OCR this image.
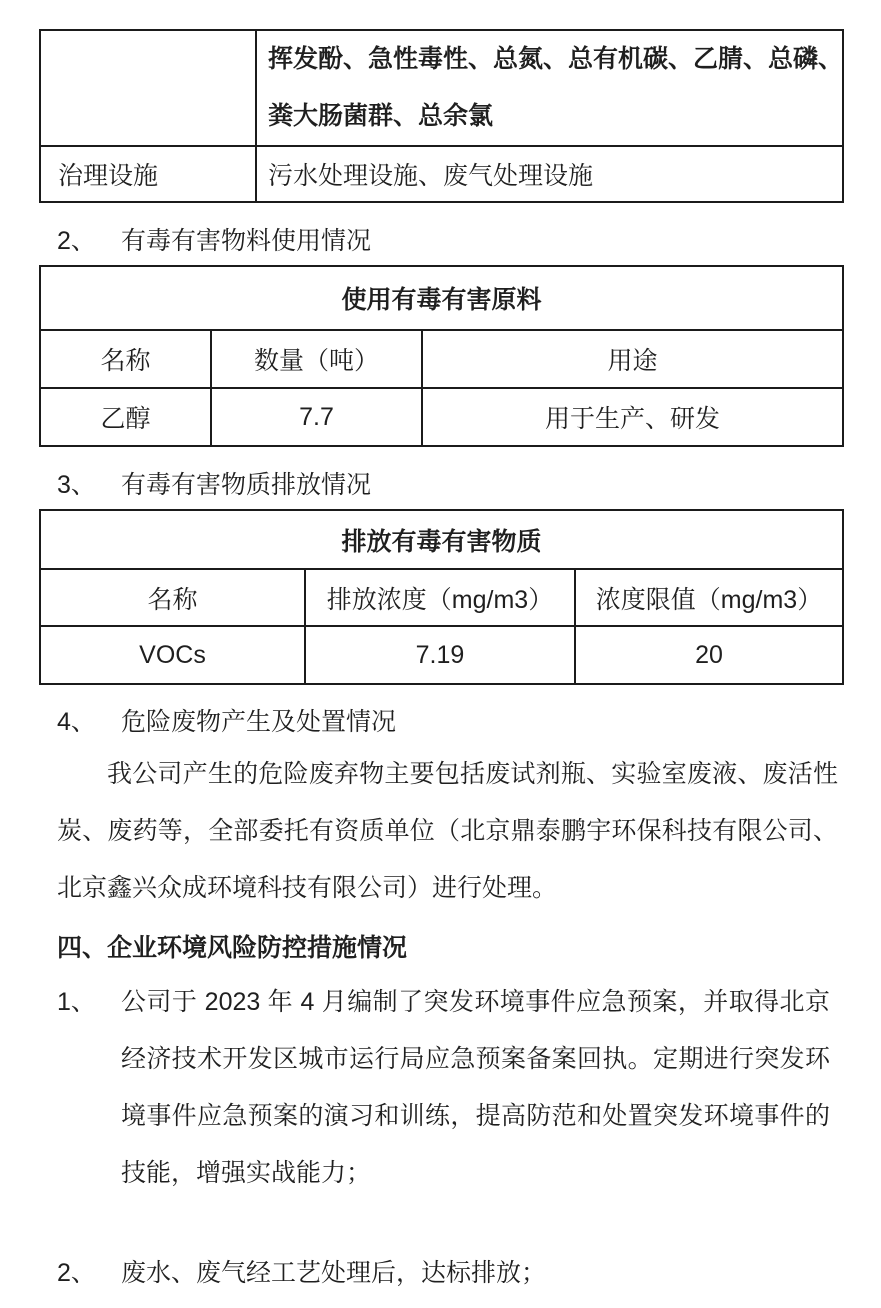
	挥发酚、急性毒性、总氮、总有机碳、乙腈、总磷、
粪大肠菌群、总余氯

治理设施	污水处理设施、废气处理设施
2、	有毒有害物料使用情况
使用有毒有害原料		
名称	数量（吨）	用途
乙醇	7.7	用于生产、研发
3、	有毒有害物质排放情况
排放有毒有害物质		
名称	排放浓度（mg/m3）	浓度限值（mg/m3）
VOCs	7.19	20
4、	危险废物产生及处置情况

我公司产生的危险废弃物主要包括废试剂瓶、实验室废液、废活性炭、废药等，全部委托有资质单位（北京鼎泰鹏宇环保科技有限公司、北京鑫兴众成环境科技有限公司）进行处理。

四、企业环境风险防控措施情况
1、	公司于 2023 年 4 月编制了突发环境事件应急预案，并取得北京经济技术开发区城市运行局应急预案备案回执。定期进行突发环境事件应急预案的演习和训练，提高防范和处置突发环境事件的技能，增强实战能力；
2、	废水、废气经工艺处理后，达标排放；
